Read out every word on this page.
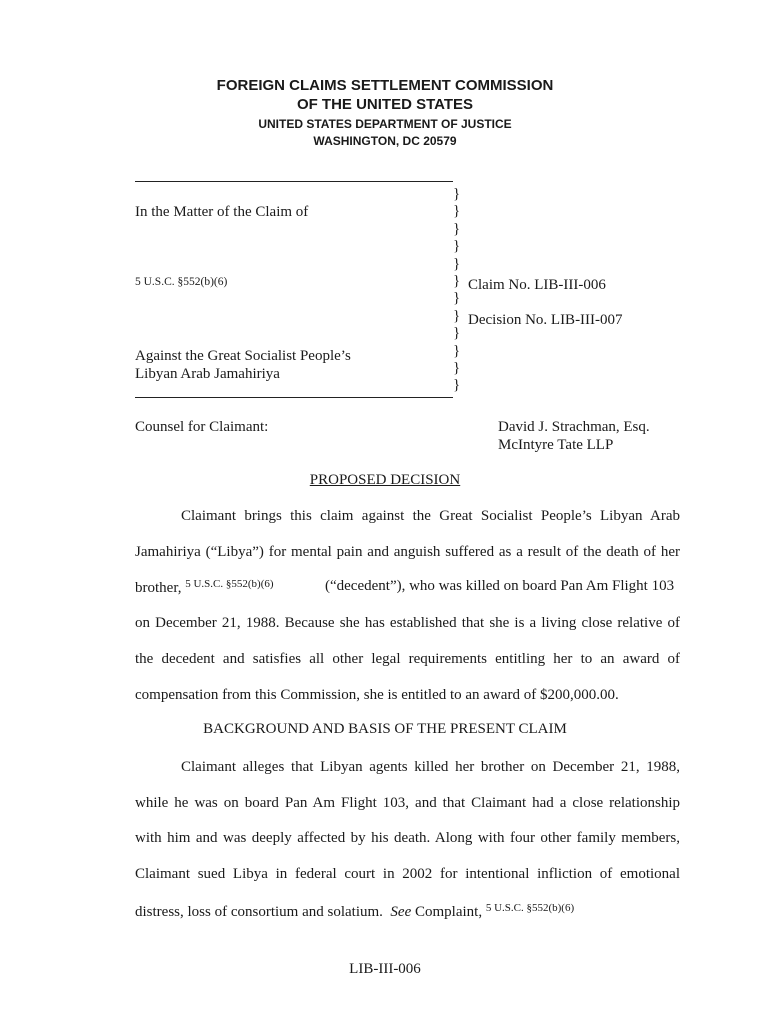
FOREIGN CLAIMS SETTLEMENT COMMISSION
OF THE UNITED STATES
UNITED STATES DEPARTMENT OF JUSTICE
WASHINGTON, DC 20579
In the Matter of the Claim of
5 U.S.C. §552(b)(6)
Against the Great Socialist People’s
Libyan Arab Jamahiriya
}
}
}
}
}
}
}
}
}
}
}
}
Claim No. LIB-III-006
Decision No. LIB-III-007
Counsel for Claimant:	David J. Strachman, Esq.
McIntyre Tate LLP
PROPOSED DECISION
Claimant brings this claim against the Great Socialist People’s Libyan Arab
Jamahiriya (“Libya”) for mental pain and anguish suffered as a result of the death of her
brother, $^{5 U.S.C. \S 552(b)(6)}$	(“decedent”), who was killed on board Pan Am Flight 103
on December 21, 1988. Because she has established that she is a living close relative of
the decedent and satisfies all other legal requirements entitling her to an award of
compensation from this Commission, she is entitled to an award of $200,000.00.
BACKGROUND AND BASIS OF THE PRESENT CLAIM
Claimant alleges that Libyan agents killed her brother on December 21, 1988,
while he was on board Pan Am Flight 103, and that Claimant had a close relationship
with him and was deeply affected by his death. Along with four other family members,
Claimant sued Libya in federal court in 2002 for intentional infliction of emotional
distress, loss of consortium and solatium. See Complaint, $^{5 U.S.C. \S 552(b)(6)}$
LIB-III-006
